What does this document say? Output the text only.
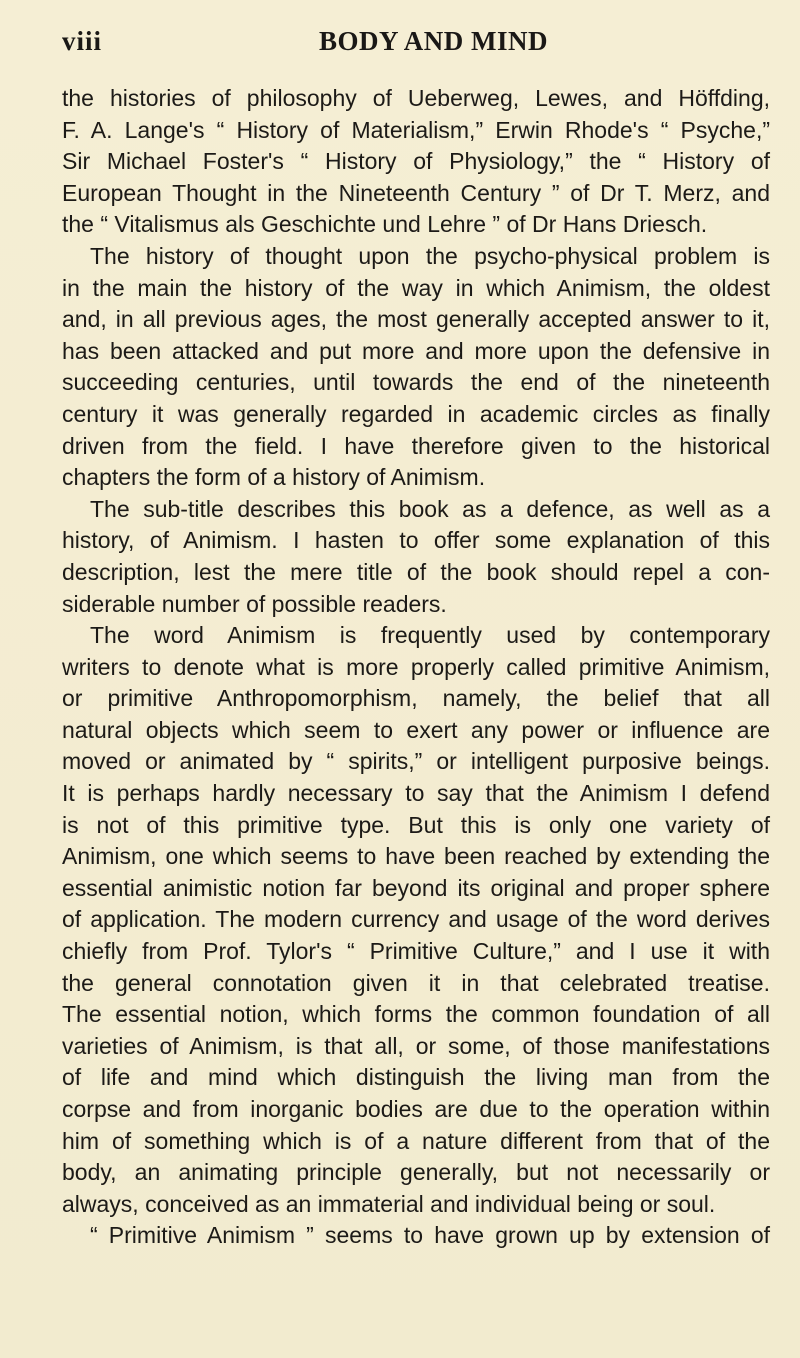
viii	BODY AND MIND
the histories of philosophy of Ueberweg, Lewes, and Höffding,
F. A. Lange's “ History of Materialism,” Erwin Rhode's “ Psyche,”
Sir Michael Foster's “ History of Physiology,” the “ History of
European Thought in the Nineteenth Century ” of Dr T. Merz, and
the “ Vitalismus als Geschichte und Lehre ” of Dr Hans Driesch.
The history of thought upon the psycho-physical problem is
in the main the history of the way in which Animism, the oldest
and, in all previous ages, the most generally accepted answer to it,
has been attacked and put more and more upon the defensive in
succeeding centuries, until towards the end of the nineteenth
century it was generally regarded in academic circles as finally
driven from the field. I have therefore given to the historical
chapters the form of a history of Animism.
The sub-title describes this book as a defence, as well as a
history, of Animism. I hasten to offer some explanation of this
description, lest the mere title of the book should repel a con-
siderable number of possible readers.
The word Animism is frequently used by contemporary
writers to denote what is more properly called primitive Animism,
or primitive Anthropomorphism, namely, the belief that all
natural objects which seem to exert any power or influence are
moved or animated by “ spirits,” or intelligent purposive beings.
It is perhaps hardly necessary to say that the Animism I defend
is not of this primitive type. But this is only one variety of
Animism, one which seems to have been reached by extending the
essential animistic notion far beyond its original and proper sphere
of application. The modern currency and usage of the word derives
chiefly from Prof. Tylor's “ Primitive Culture,” and I use it with
the general connotation given it in that celebrated treatise.
The essential notion, which forms the common foundation of all
varieties of Animism, is that all, or some, of those manifestations
of life and mind which distinguish the living man from the
corpse and from inorganic bodies are due to the operation within
him of something which is of a nature different from that of the
body, an animating principle generally, but not necessarily or
always, conceived as an immaterial and individual being or soul.
“ Primitive Animism ” seems to have grown up by extension of
